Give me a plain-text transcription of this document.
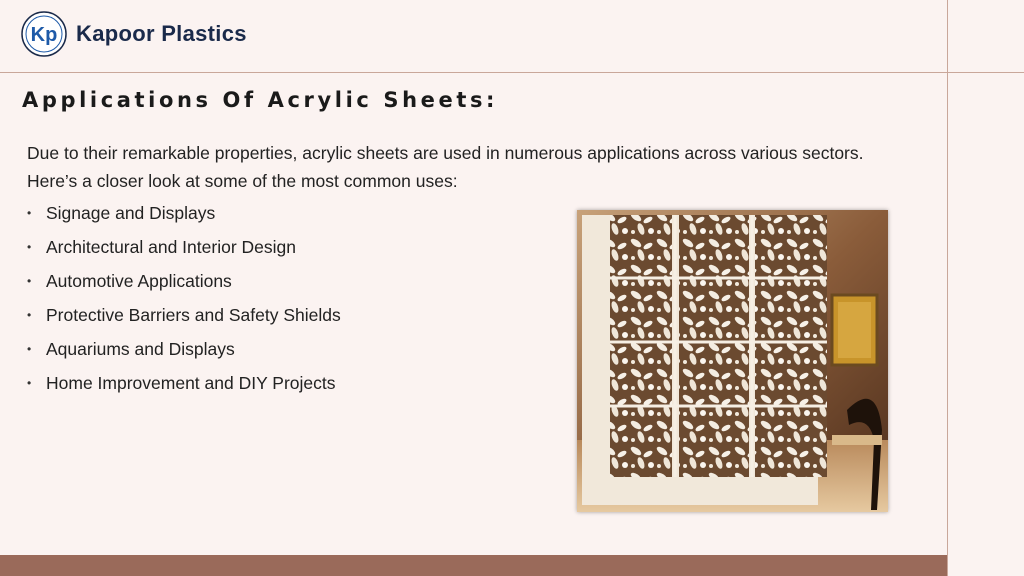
Kp Kapoor Plastics
Applications Of Acrylic Sheets:

Due to their remarkable properties, acrylic sheets are used in numerous applications across various sectors. Here’s a closer look at some of the most common uses:

• Signage and Displays
• Architectural and Interior Design
• Automotive Applications
• Protective Barriers and Safety Shields
• Aquariums and Displays
• Home Improvement and DIY Projects
